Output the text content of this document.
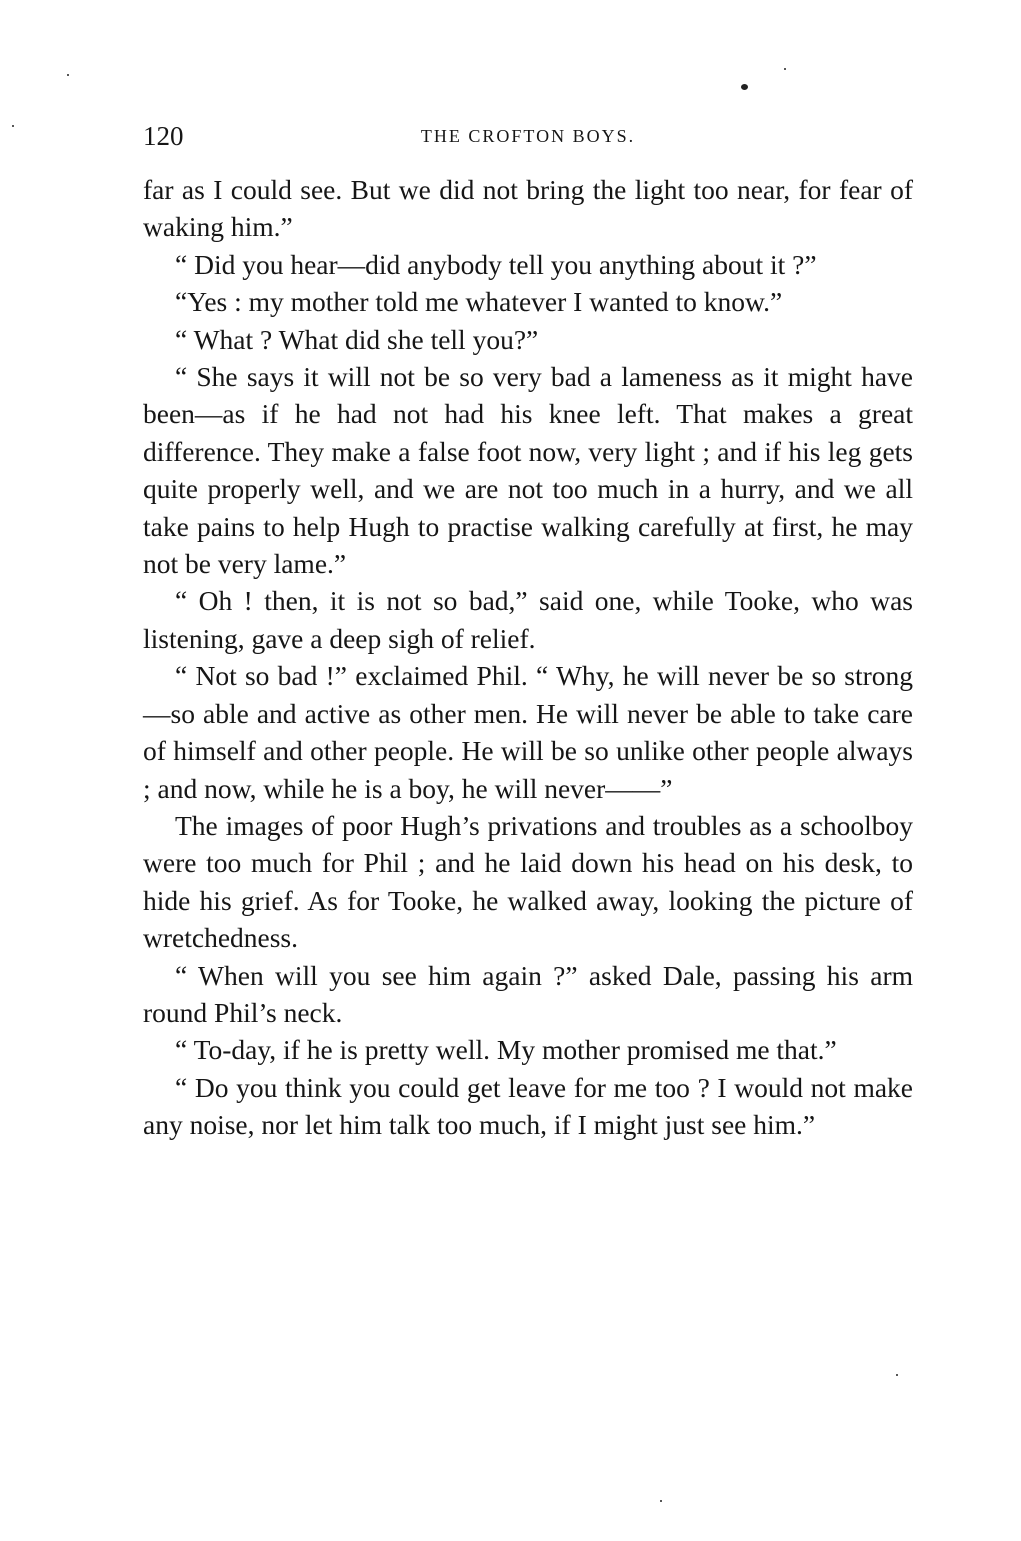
120	THE CROFTON BOYS.

far as I could see. But we did not bring the light too near, for fear of waking him.”

“ Did you hear—did anybody tell you anything about it ?”

“Yes : my mother told me whatever I wanted to know.”

“ What ? What did she tell you?”

“ She says it will not be so very bad a lameness as it might have been—as if he had not had his knee left. That makes a great difference. They make a false foot now, very light ; and if his leg gets quite properly well, and we are not too much in a hurry, and we all take pains to help Hugh to practise walking carefully at first, he may not be very lame.”

“ Oh ! then, it is not so bad,” said one, while Tooke, who was listening, gave a deep sigh of relief.

“ Not so bad !” exclaimed Phil. “ Why, he will never be so strong—so able and active as other men. He will never be able to take care of himself and other people. He will be so unlike other people always ; and now, while he is a boy, he will never——”

The images of poor Hugh’s privations and troubles as a schoolboy were too much for Phil ; and he laid down his head on his desk, to hide his grief. As for Tooke, he walked away, looking the picture of wretchedness.

“ When will you see him again ?” asked Dale, passing his arm round Phil’s neck.

“ To-day, if he is pretty well. My mother promised me that.”

“ Do you think you could get leave for me too ? I would not make any noise, nor let him talk too much, if I might just see him.”
